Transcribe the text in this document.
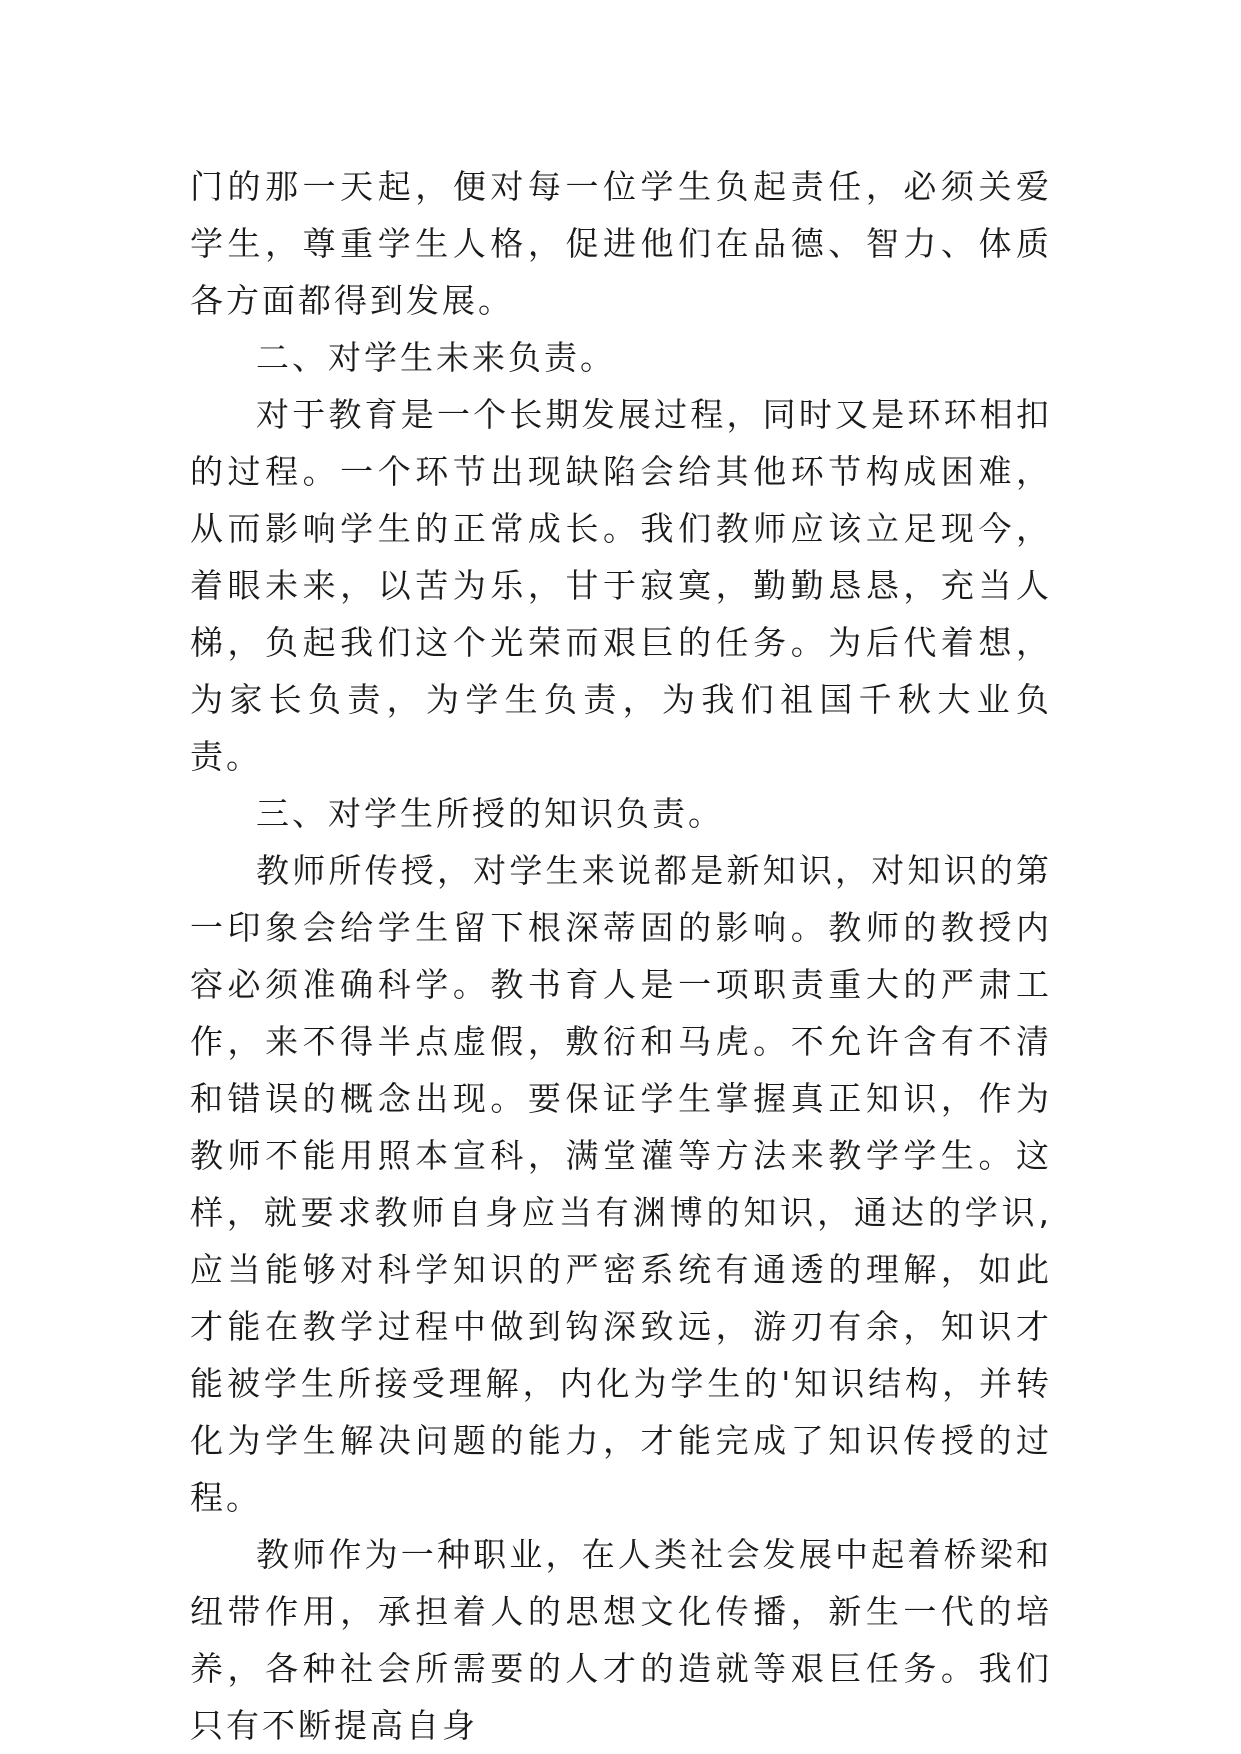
门的那一天起，便对每一位学生负起责任，必须关爱学生，尊重学生人格，促进他们在品德、智力、体质各方面都得到发展。

二、对学生未来负责。

对于教育是一个长期发展过程，同时又是环环相扣的过程。一个环节出现缺陷会给其他环节构成困难，从而影响学生的正常成长。我们教师应该立足现今，着眼未来，以苦为乐，甘于寂寞，勤勤恳恳，充当人梯，负起我们这个光荣而艰巨的任务。为后代着想，为家长负责，为学生负责，为我们祖国千秋大业负责。

三、对学生所授的知识负责。

教师所传授，对学生来说都是新知识，对知识的第一印象会给学生留下根深蒂固的影响。教师的教授内容必须准确科学。教书育人是一项职责重大的严肃工作，来不得半点虚假，敷衍和马虎。不允许含有不清和错误的概念出现。要保证学生掌握真正知识，作为教师不能用照本宣科，满堂灌等方法来教学学生。这样，就要求教师自身应当有渊博的知识，通达的学识,应当能够对科学知识的严密系统有通透的理解，如此才能在教学过程中做到钩深致远，游刃有余，知识才能被学生所接受理解，内化为学生的'知识结构，并转化为学生解决问题的能力，才能完成了知识传授的过程。

教师作为一种职业，在人类社会发展中起着桥梁和纽带作用，承担着人的思想文化传播，新生一代的培养，各种社会所需要的人才的造就等艰巨任务。我们只有不断提高自身
